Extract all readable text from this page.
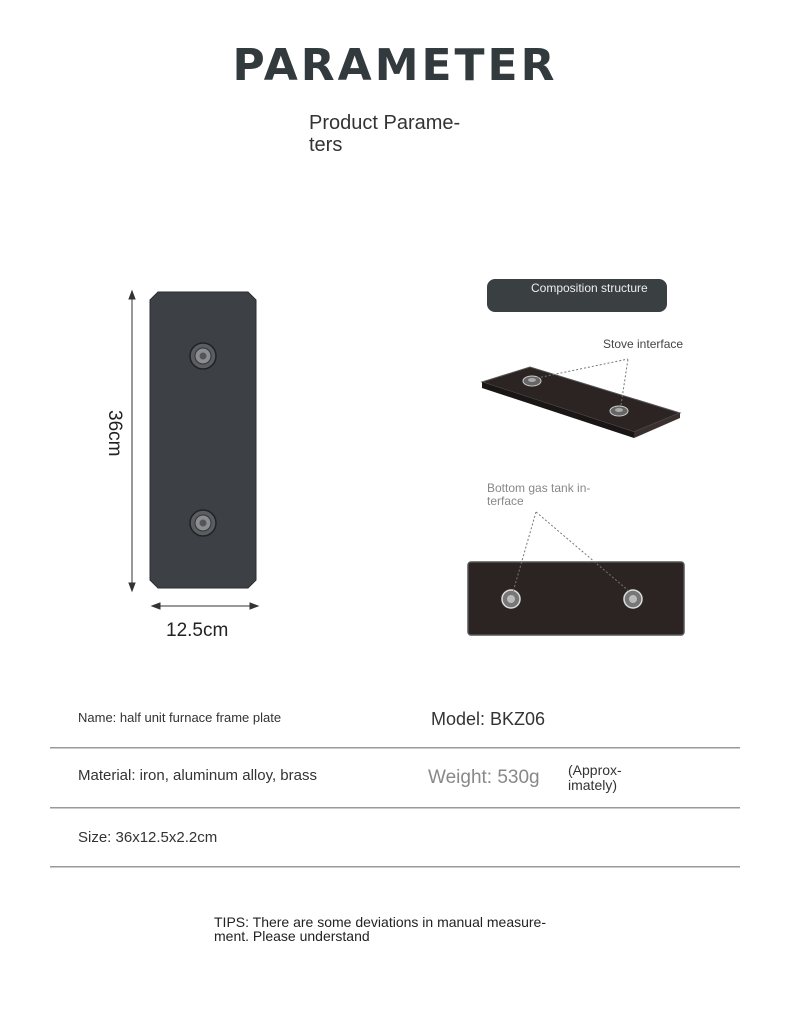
PARAMETER
Product Parame-
ters
36cm
12.5cm
Composition structure
Stove interface
Bottom gas tank in-
terface
Name: half unit furnace frame plate	Model: BKZ06
Material: iron, aluminum alloy, brass	Weight: 530g (Approx-
imately)
Size: 36x12.5x2.2cm
TIPS: There are some deviations in manual measure-
ment. Please understand
